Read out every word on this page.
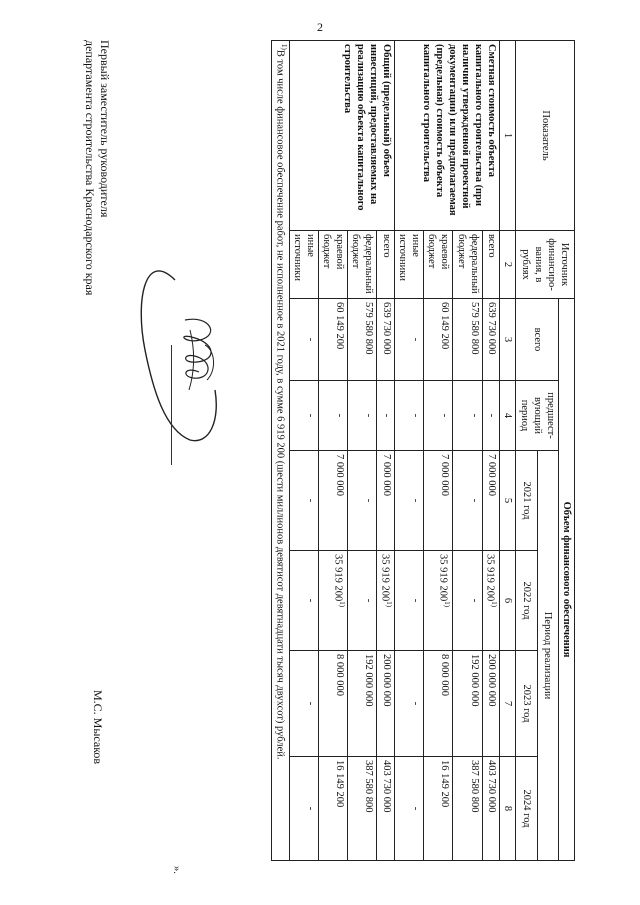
2
Показатель	Источник финансиро-вания, в рублях	Объем финансового обеспечения					
		всего	предшест-вующий период	Период реализации			
				2021 год	2022 год	2023 год	2024 год
1	2	3	4	5	6	7	8
Сметная стоимость объекта капитального строительства (при наличии утвержденной проектной документации) или предполагаемая (предельная) стоимость объекта капитального строительства	всего	639 730 000	-	7 000 000	35 919 200$^{1)}$	200 000 000	403 730 000
	федеральный бюджет	579 580 800	-	-	-	192 000 000	387 580 800
	краевой бюджет	60 149 200	-	7 000 000	35 919 200$^{1)}$	8 000 000	16 149 200
	иные источники	-	-	-	-	-	-
Общий (предельный) объем инвестиций, предоставляемых на реализацию объекта капитального строительства	всего	639 730 000	-	7 000 000	35 919 200$^{1)}$	200 000 000	403 730 000
	федеральный бюджет	579 580 800	-	-	-	192 000 000	387 580 800
	краевой бюджет	60 149 200	-	7 000 000	35 919 200$^{1)}$	8 000 000	16 149 200
	иные источники	-	-	-	-	-	-
$^{1)}$В том числе финансовое обеспечение работ, не исполненное в 2021 году, в сумме 6 919 200 (шести миллионов девятисот девятнадцати тысяч двухсот) рублей.							
».
Первый заместитель руководителя
департамента строительства Краснодарского края
М.С. Мысаков
